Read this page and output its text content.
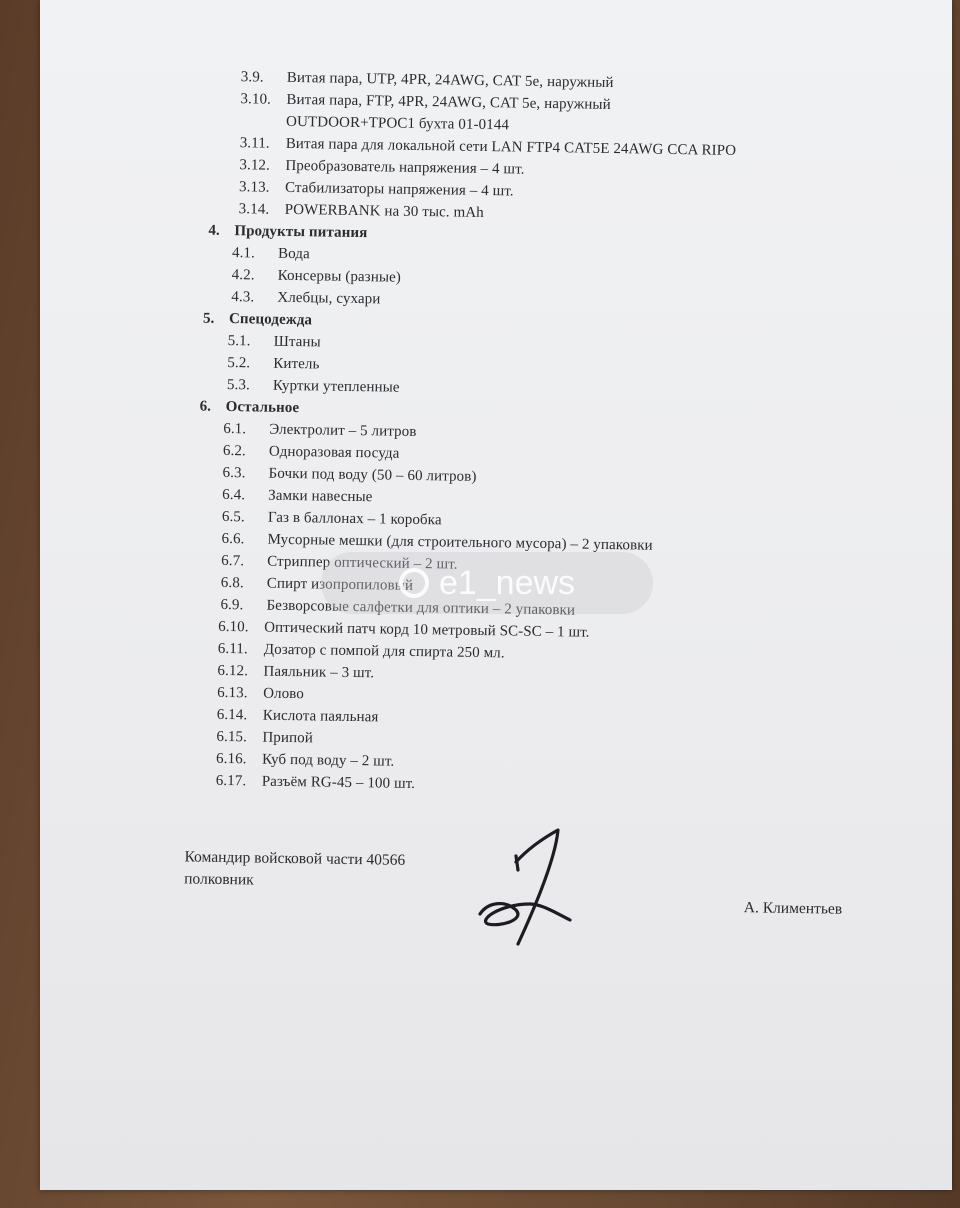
3.9. Витая пара, UTP, 4PR, 24AWG, CAT 5e, наружный
3.10. Витая пара, FTP, 4PR, 24AWG, CAT 5e, наружный
OUTDOOR+TPOC1 бухта 01-0144
3.11. Витая пара для локальной сети LAN FTP4 CAT5E 24AWG CCA RIPO
3.12. Преобразователь напряжения – 4 шт.
3.13. Стабилизаторы напряжения – 4 шт.
3.14. POWERBANK на 30 тыс. mAh
4. Продукты питания
4.1. Вода
4.2. Консервы (разные)
4.3. Хлебцы, сухари
5. Спецодежда
5.1. Штаны
5.2. Китель
5.3. Куртки утепленные
6. Остальное
6.1. Электролит – 5 литров
6.2. Одноразовая посуда
6.3. Бочки под воду (50 – 60 литров)
6.4. Замки навесные
6.5. Газ в баллонах – 1 коробка
6.6. Мусорные мешки (для строительного мусора) – 2 упаковки
6.7. Стриппер оптический – 2 шт.
6.8. Спирт изопропиловый
6.9. Безворсовые салфетки для оптики – 2 упаковки
6.10. Оптический патч корд 10 метровый SC-SC – 1 шт.
6.11. Дозатор с помпой для спирта 250 мл.
6.12. Паяльник – 3 шт.
6.13. Олово
6.14. Кислота паяльная
6.15. Припой
6.16. Куб под воду – 2 шт.
6.17. Разъём RG-45 – 100 шт.
Командир войсковой части 40566
полковник
А. Климентьев
e1_news
